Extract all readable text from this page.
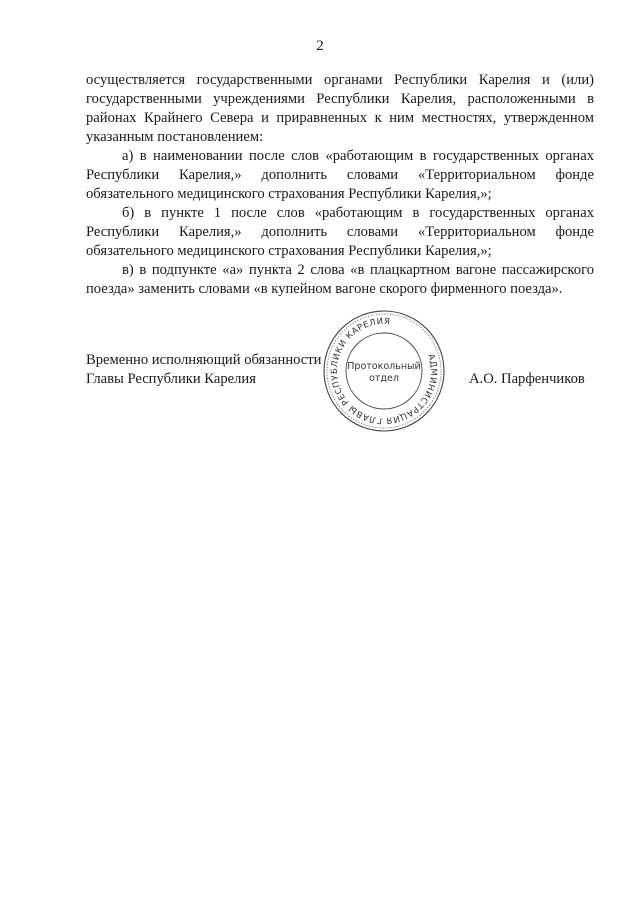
2

осуществляется государственными органами Республики Карелия и (или) государственными учреждениями Республики Карелия, расположенными в районах Крайнего Севера и приравненных к ним местностях, утвержденном указанным постановлением:

а) в наименовании после слов «работающим в государственных органах Республики Карелия,» дополнить словами «Территориальном фонде обязательного медицинского страхования Республики Карелия,»;

б) в пункте 1 после слов «работающим в государственных органах Республики Карелия,» дополнить словами «Территориальном фонде обязательного медицинского страхования Республики Карелия,»;

в) в подпункте «а» пункта 2 слова «в плацкартном вагоне пассажирского поезда» заменить словами «в купейном вагоне скорого фирменного поезда».

Временно исполняющий обязанности
Главы Республики Карелия	А.О. Парфенчиков
АДМИНИСТРАЦИЯ ГЛАВЫ РЕСПУБЛИКИ КАРЕЛИЯ
Протокольный
отдел
